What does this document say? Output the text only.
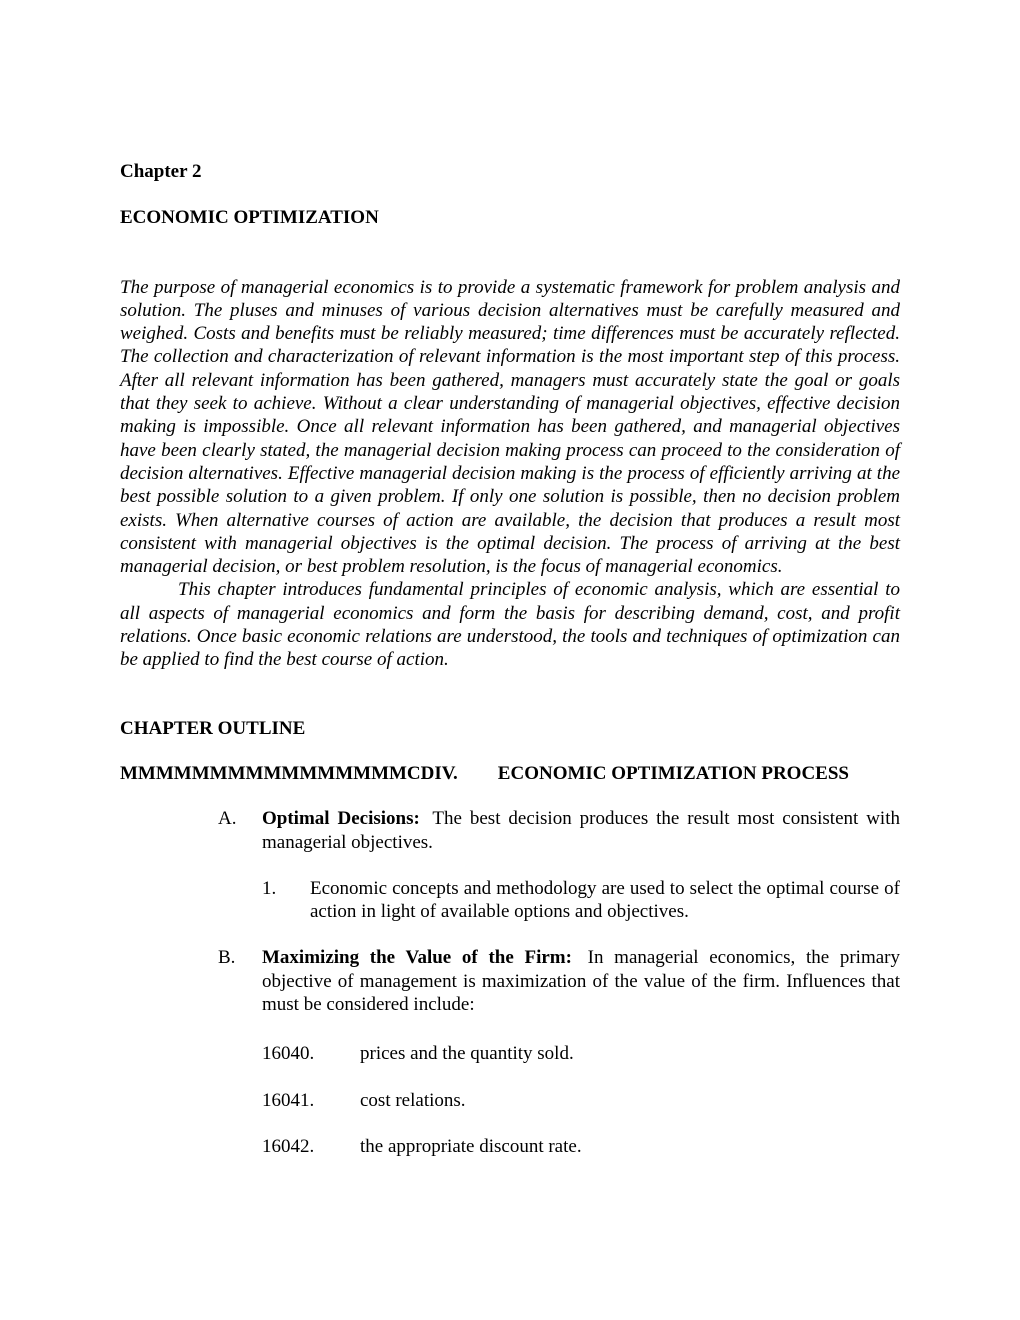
Chapter 2

ECONOMIC OPTIMIZATION

The purpose of managerial economics is to provide a systematic framework for problem analysis and solution. The pluses and minuses of various decision alternatives must be carefully measured and weighed. Costs and benefits must be reliably measured; time differences must be accurately reflected. The collection and characterization of relevant information is the most important step of this process. After all relevant information has been gathered, managers must accurately state the goal or goals that they seek to achieve. Without a clear understanding of managerial objectives, effective decision making is impossible. Once all relevant information has been gathered, and managerial objectives have been clearly stated, the managerial decision making process can proceed to the consideration of decision alternatives. Effective managerial decision making is the process of efficiently arriving at the best possible solution to a given problem. If only one solution is possible, then no decision problem exists. When alternative courses of action are available, the decision that produces a result most consistent with managerial objectives is the optimal decision. The process of arriving at the best managerial decision, or best problem resolution, is the focus of managerial economics.

This chapter introduces fundamental principles of economic analysis, which are essential to all aspects of managerial economics and form the basis for describing demand, cost, and profit relations. Once basic economic relations are understood, the tools and techniques of optimization can be applied to find the best course of action.

CHAPTER OUTLINE

MMMMMMMMMMMMMMMMCDIV. ECONOMIC OPTIMIZATION PROCESS

A.	Optimal Decisions: The best decision produces the result most consistent with managerial objectives.
1.	Economic concepts and methodology are used to select the optimal course of action in light of available options and objectives.
B.	Maximizing the Value of the Firm: In managerial economics, the primary objective of management is maximization of the value of the firm. Influences that must be considered include:
16040.	prices and the quantity sold.
16041.	cost relations.
16042.	the appropriate discount rate.
